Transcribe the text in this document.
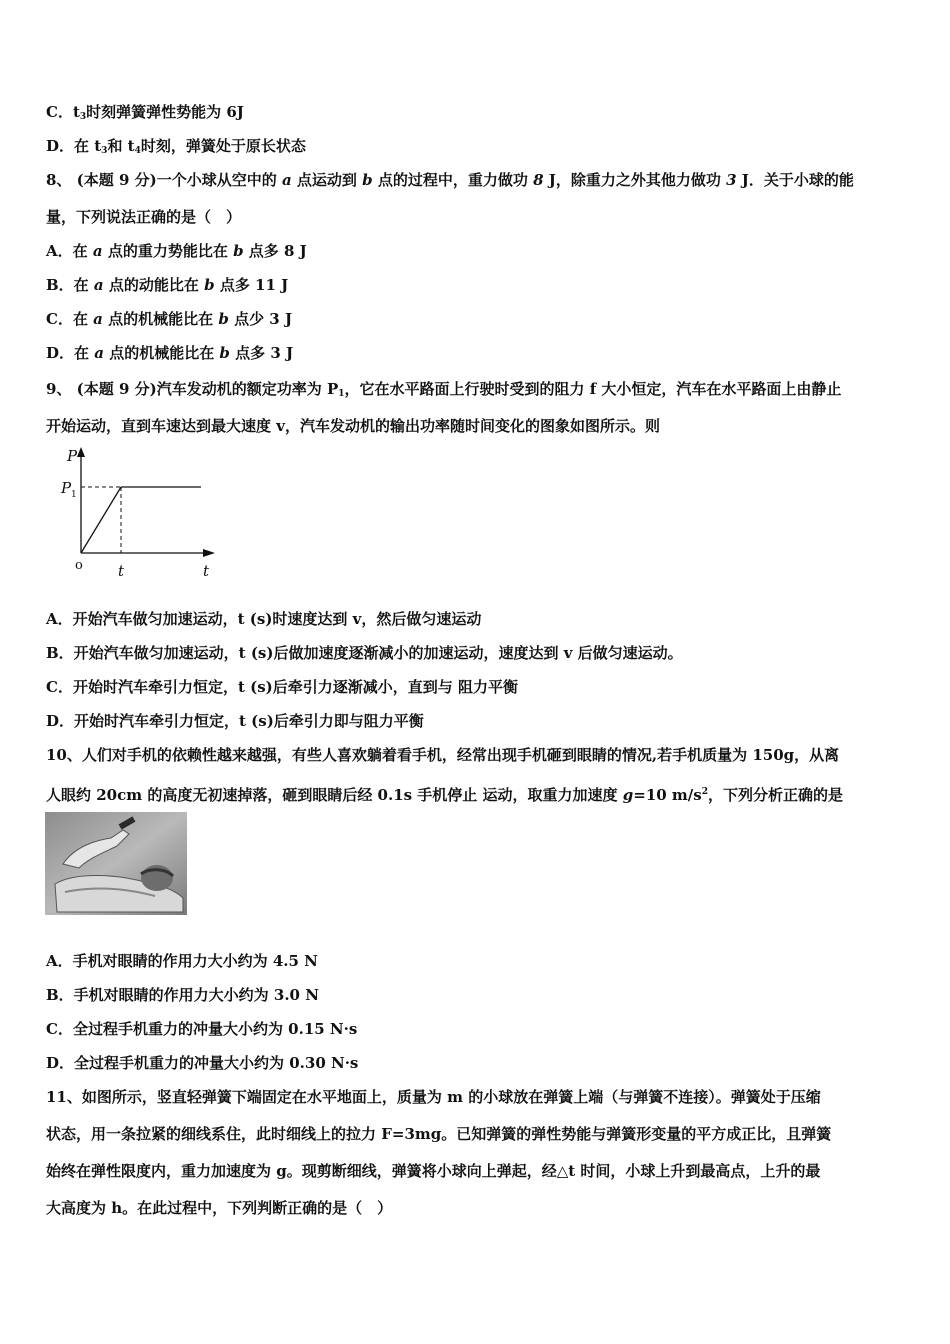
C．$t_3$时刻弹簧弹性势能为 6J
D．在 $t_3$和 $t_4$时刻，弹簧处于原长状态
8、 (本题 9 分)一个小球从空中的 a 点运动到 b 点的过程中，重力做功 8 J，除重力之外其他力做功 3 J．关于小球的能
量，下列说法正确的是（　）
A．在 a 点的重力势能比在 b 点多 8 J
B．在 a 点的动能比在 b 点多 11 J
C．在 a 点的机械能比在 b 点少 3 J
D．在 a 点的机械能比在 b 点多 3 J
9、 (本题 9 分)汽车发动机的额定功率为 $P_1$，它在水平路面上行驶时受到的阻力 f 大小恒定，汽车在水平路面上由静止
开始运动，直到车速达到最大速度 v，汽车发动机的输出功率随时间变化的图象如图所示。则
P
P 1
o t	t
A．开始汽车做匀加速运动，t (s)时速度达到 v，然后做匀速运动
B．开始汽车做匀加速运动，t (s)后做加速度逐渐减小的加速运动，速度达到 v 后做匀速运动。
C．开始时汽车牵引力恒定，t (s)后牵引力逐渐减小，直到与 阻力平衡
D．开始时汽车牵引力恒定，t (s)后牵引力即与阻力平衡
10、人们对手机的依赖性越来越强，有些人喜欢躺着看手机，经常出现手机砸到眼睛的情况,若手机质量为 150g，从离
人眼约 20cm 的高度无初速掉落，砸到眼睛后经 0.1s 手机停止 运动，取重力加速度 g=10 $m/s^2$，下列分析正确的是
A．手机对眼睛的作用力大小约为 4.5 N
B．手机对眼睛的作用力大小约为 3.0 N
C．全过程手机重力的冲量大小约为 0.15 N·s
D．全过程手机重力的冲量大小约为 0.30 N·s
11、如图所示，竖直轻弹簧下端固定在水平地面上，质量为 m 的小球放在弹簧上端（与弹簧不连接）。弹簧处于压缩
状态，用一条拉紧的细线系住，此时细线上的拉力 F=3mg。已知弹簧的弹性势能与弹簧形变量的平方成正比，且弹簧
始终在弹性限度内，重力加速度为 g。现剪断细线，弹簧将小球向上弹起，经△t 时间，小球上升到最高点，上升的最
大高度为 h。在此过程中，下列判断正确的是（　）
